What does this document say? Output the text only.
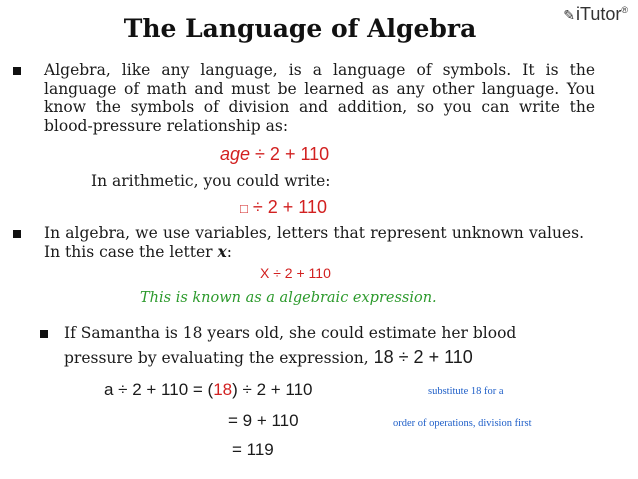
The Language of Algebra	✎iTutor®
Algebra, like any language, is a language of symbols. It is the language of math and must be learned as any other language. You know the symbols of division and addition, so you can write the blood-pressure relationship as:
age ÷ 2 + 110
In arithmetic, you could write:
□ ÷ 2 + 110
In algebra, we use variables, letters that represent unknown values. In this case the letter x:
X ÷ 2 + 110
This is known as a algebraic expression.
If Samantha is 18 years old, she could estimate her blood
pressure by evaluating the expression, 18 ÷ 2 + 110
a ÷ 2 + 110 = (18) ÷ 2 + 110	substitute 18 for a
= 9 + 110	order of operations, division first
= 119
